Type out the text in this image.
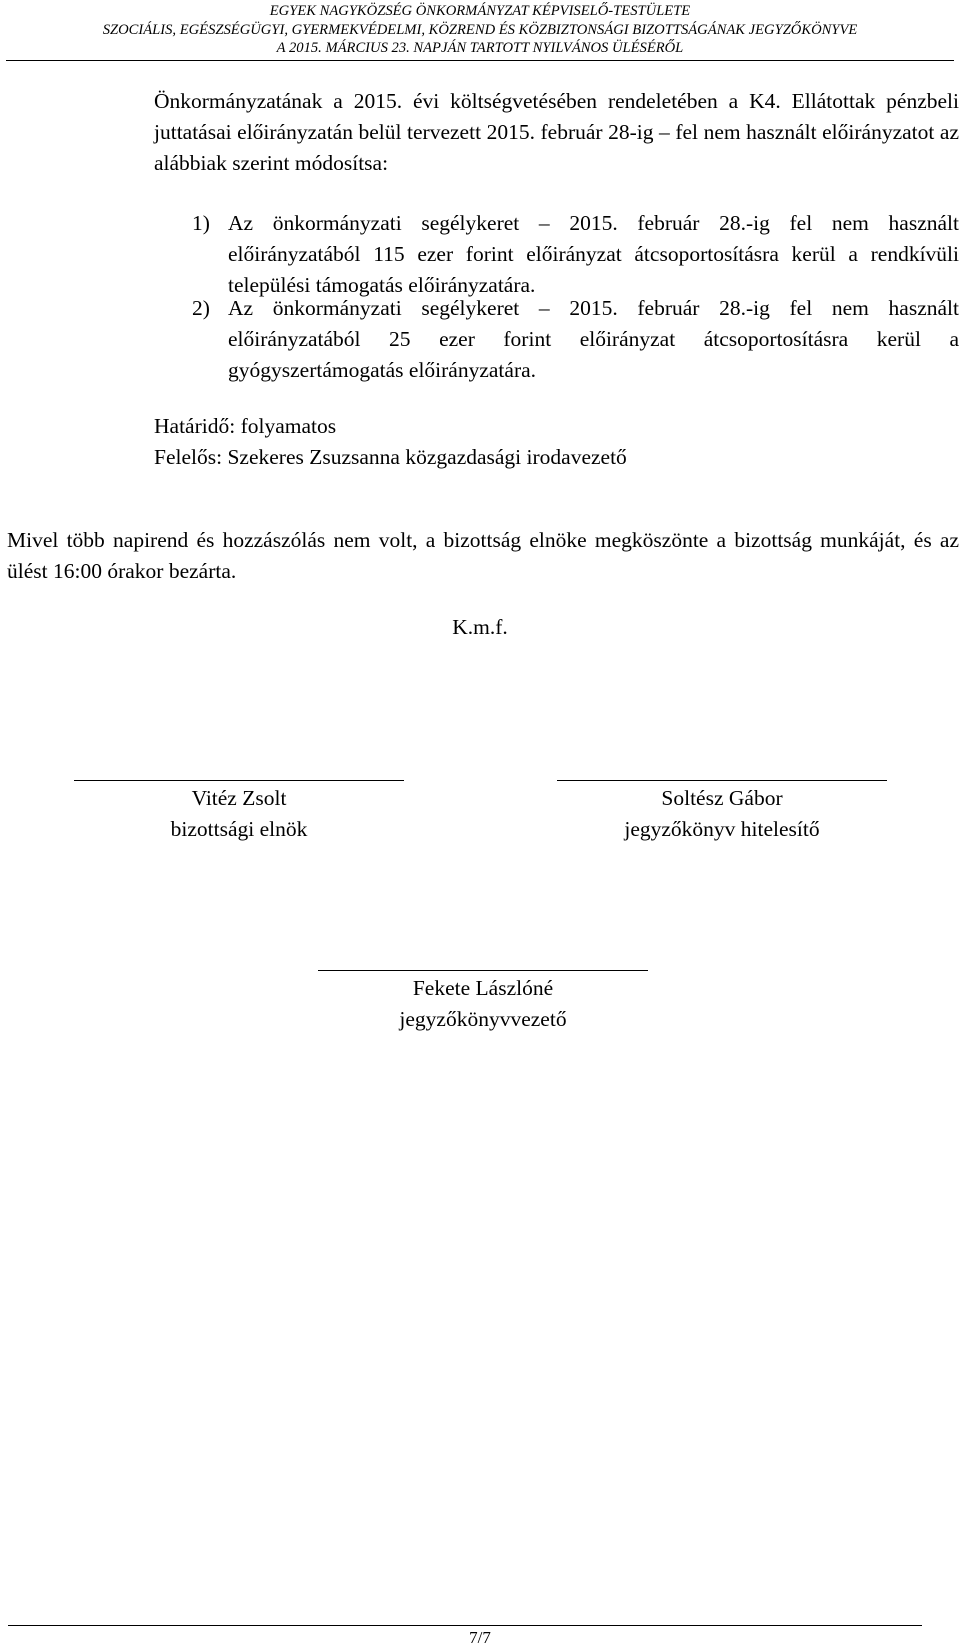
EGYEK NAGYKÖZSÉG ÖNKORMÁNYZAT KÉPVISELŐ-TESTÜLETE
SZOCIÁLIS, EGÉSZSÉGÜGYI, GYERMEKVÉDELMI, KÖZREND ÉS KÖZBIZTONSÁGI BIZOTTSÁGÁNAK JEGYZŐKÖNYVE
A 2015. MÁRCIUS 23. NAPJÁN TARTOTT NYILVÁNOS ÜLÉSÉRŐL
Önkormányzatának a 2015. évi költségvetésében rendeletében a K4. Ellátottak pénzbeli juttatásai előirányzatán belül tervezett 2015. február 28-ig – fel nem használt előirányzatot az alábbiak szerint módosítsa:
1) Az önkormányzati segélykeret – 2015. február 28.-ig fel nem használt előirányzatából 115 ezer forint előirányzat átcsoportosításra kerül a rendkívüli települési támogatás előirányzatára.
2) Az önkormányzati segélykeret – 2015. február 28.-ig fel nem használt előirányzatából 25 ezer forint előirányzat átcsoportosításra kerül a gyógyszertámogatás előirányzatára.
Határidő: folyamatos
Felelős: Szekeres Zsuzsanna közgazdasági irodavezető
Mivel több napirend és hozzászólás nem volt, a bizottság elnöke megköszönte a bizottság munkáját, és az ülést 16:00 órakor bezárta.
K.m.f.
Vitéz Zsolt
bizottsági elnök
Soltész Gábor
jegyzőkönyv hitelesítő
Fekete Lászlóné
jegyzőkönyvvezető
7/7
